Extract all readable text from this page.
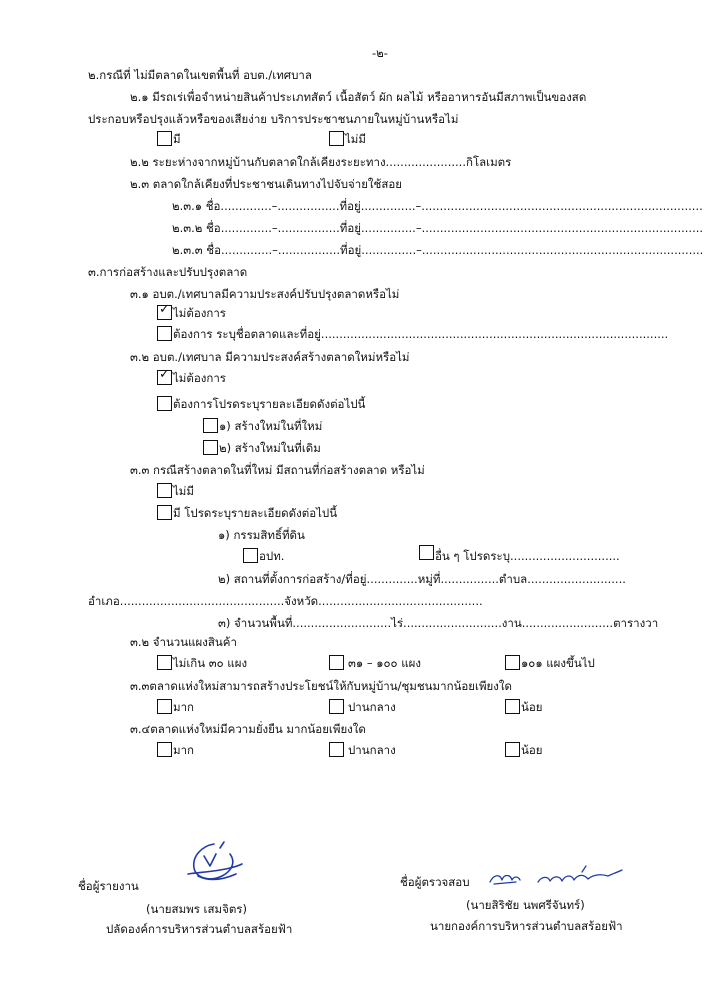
-๒-
๒.กรณีที่ ไม่มีตลาดในเขตพื้นที่ อบต./เทศบาล
๒.๑ มีรถเร่เพื่อจำหน่ายสินค้าประเภทสัตว์ เนื้อสัตว์ ผัก ผลไม้ หรืออาหารอันมีสภาพเป็นของสด
ประกอบหรือปรุงแล้วหรือของเสียง่าย บริการประชาชนภายในหมู่บ้านหรือไม่
มี	ไม่มี
๒.๒ ระยะห่างจากหมู่บ้านกับตลาดใกล้เคียงระยะทาง......................กิโลเมตร
๒.๓ ตลาดใกล้เคียงที่ประชาชนเดินทางไปจับจ่ายใช้สอย
๒.๓.๑ ชื่อ..............–.................ที่อยู่...............–.............................................................................
๒.๓.๒ ชื่อ..............–.................ที่อยู่...............–.............................................................................
๒.๓.๓ ชื่อ..............–.................ที่อยู่...............–.............................................................................
๓.การก่อสร้างและปรับปรุงตลาด
๓.๑ อบต./เทศบาลมีความประสงค์ปรับปรุงตลาดหรือไม่
✓ ไม่ต้องการ
ต้องการ ระบุชื่อตลาดและที่อยู่...............................................................................................
๓.๒ อบต./เทศบาล มีความประสงค์สร้างตลาดใหม่หรือไม่
✓ ไม่ต้องการ
ต้องการโปรดระบุรายละเอียดดังต่อไปนี้
๑) สร้างใหม่ในที่ใหม่
๒) สร้างใหม่ในที่เดิม
๓.๓ กรณีสร้างตลาดในที่ใหม่ มีสถานที่ก่อสร้างตลาด หรือไม่
ไม่มี
มี โปรดระบุรายละเอียดดังต่อไปนี้
๑) กรรมสิทธิ์ที่ดิน
อปท.	อื่น ๆ โปรดระบุ..............................
๒) สถานที่ตั้งการก่อสร้าง/ที่อยู่..............หมู่ที่................ตำบล...........................
อำเภอ.............................................จังหวัด.............................................
๓) จำนวนพื้นที่...........................ไร่...........................งาน.........................ตารางวา
๓.๒ จำนวนแผงสินค้า
ไม่เกิน ๓๐ แผง	๓๑ – ๑๐๐ แผง	๑๐๑ แผงขึ้นไป
๓.๓ตลาดแห่งใหม่สามารถสร้างประโยชน์ให้กับหมู่บ้าน/ชุมชนมากน้อยเพียงใด
มาก	ปานกลาง	น้อย
๓.๔ตลาดแห่งใหม่มีความยั่งยืน มากน้อยเพียงใด
มาก	ปานกลาง	น้อย
ชื่อผู้รายงาน
(นายสมพร เสมจิตร)
ปลัดองค์การบริหารส่วนตำบลสร้อยฟ้า
ชื่อผู้ตรวจสอบ
(นายสิริชัย นพศรีจันทร์)
นายกองค์การบริหารส่วนตำบลสร้อยฟ้า
